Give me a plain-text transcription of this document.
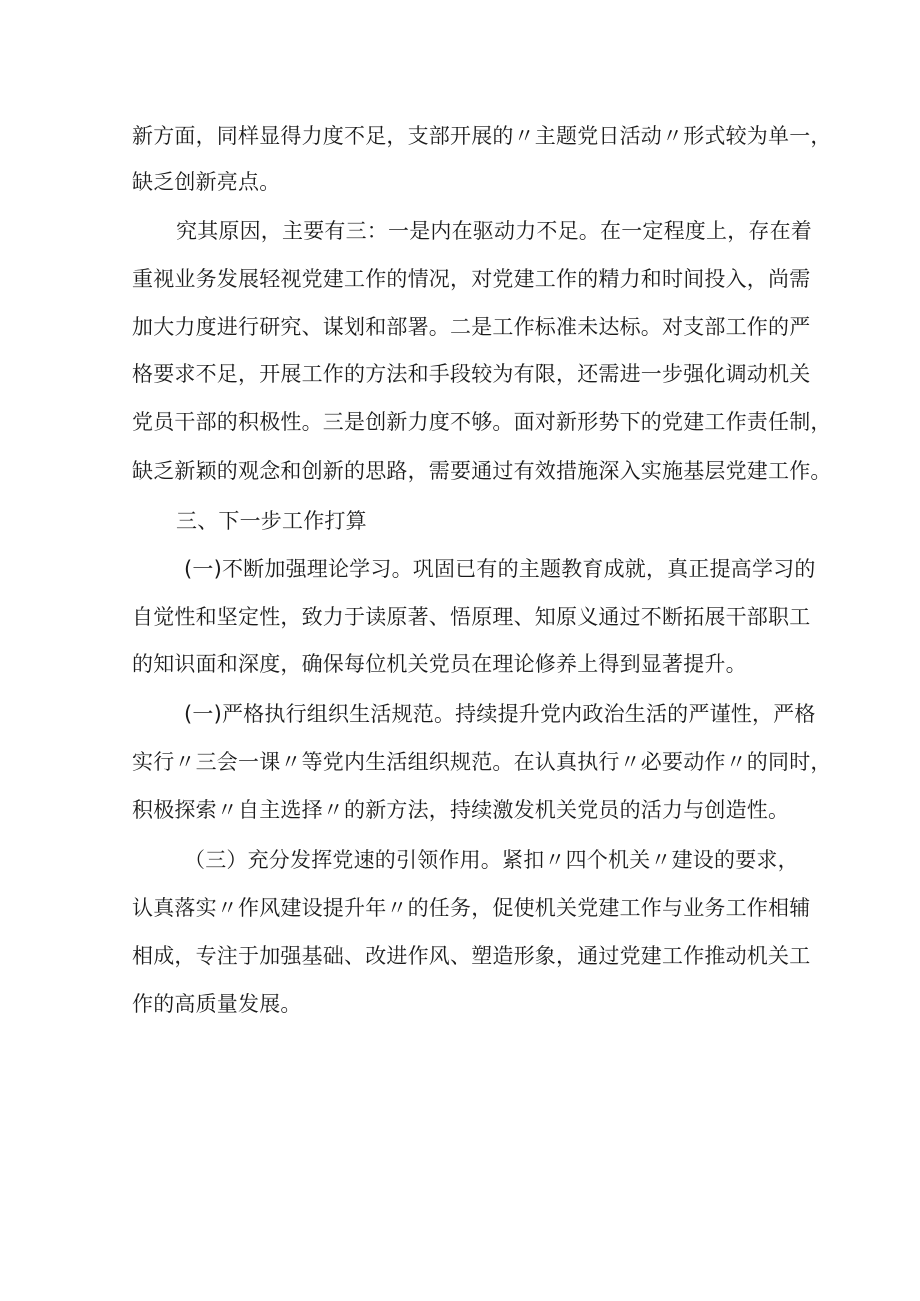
新方面，同样显得力度不足，支部开展的〃主题党日活动〃形式较为单一，
缺乏创新亮点。
究其原因，主要有三：一是内在驱动力不足。在一定程度上，存在着
重视业务发展轻视党建工作的情况，对党建工作的精力和时间投入，尚需
加大力度进行研究、谋划和部署。二是工作标准未达标。对支部工作的严
格要求不足，开展工作的方法和手段较为有限，还需进一步强化调动机关
党员干部的积极性。三是创新力度不够。面对新形势下的党建工作责任制，
缺乏新颖的观念和创新的思路，需要通过有效措施深入实施基层党建工作。
三、下一步工作打算
(一)不断加强理论学习。巩固已有的主题教育成就，真正提高学习的
自觉性和坚定性，致力于读原著、悟原理、知原义通过不断拓展干部职工
的知识面和深度，确保每位机关党员在理论修养上得到显著提升。
(一)严格执行组织生活规范。持续提升党内政治生活的严谨性，严格
实行〃三会一课〃等党内生活组织规范。在认真执行〃必要动作〃的同时，
积极探索〃自主选择〃的新方法，持续激发机关党员的活力与创造性。
（三）充分发挥党速的引领作用。紧扣〃四个机关〃建设的要求，
认真落实〃作风建设提升年〃的任务，促使机关党建工作与业务工作相辅
相成，专注于加强基础、改进作风、塑造形象，通过党建工作推动机关工
作的高质量发展。
